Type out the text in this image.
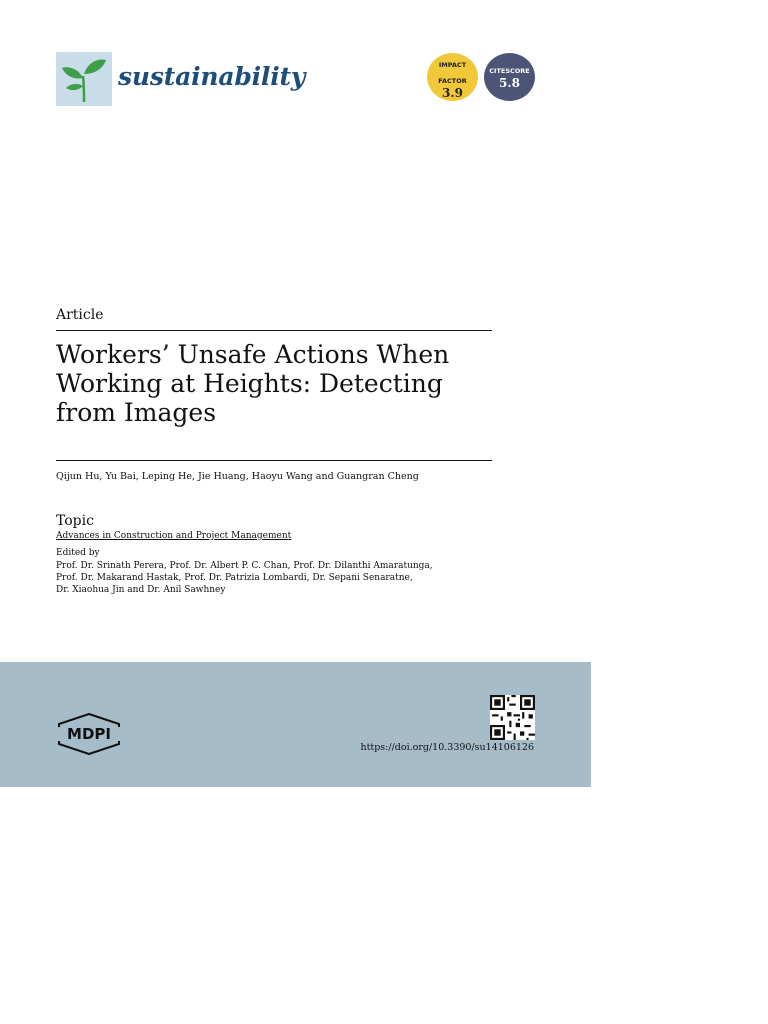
sustainability	IMPACT
FACTOR
3.9
CITESCORE
5.8
Article
Workers’ Unsafe Actions When
Working at Heights: Detecting
from Images
Qijun Hu, Yu Bai, Leping He, Jie Huang, Haoyu Wang and Guangran Cheng
Topic
Advances in Construction and Project Management
Edited by
Prof. Dr. Srinath Perera, Prof. Dr. Albert P. C. Chan, Prof. Dr. Dilanthi Amaratunga,
Prof. Dr. Makarand Hastak, Prof. Dr. Patrizia Lombardi, Dr. Sepani Senaratne,
Dr. Xiaohua Jin and Dr. Anil Sawhney
MDPI
https://doi.org/10.3390/su14106126
